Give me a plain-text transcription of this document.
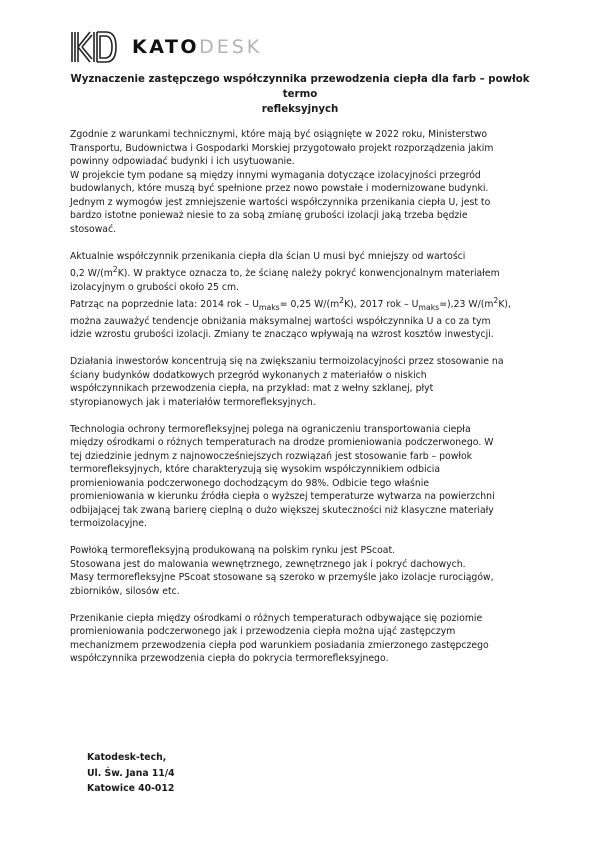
KATODESK
Wyznaczenie zastępczego współczynnika przewodzenia ciepła dla farb – powłok termo
refleksyjnych

Zgodnie z warunkami technicznymi, które mają być osiągnięte w 2022 roku, Ministerstwo
Transportu, Budownictwa i Gospodarki Morskiej przygotowało projekt rozporządzenia jakim
powinny odpowiadać budynki i ich usytuowanie.
W projekcie tym podane są między innymi wymagania dotyczące izolacyjności przegród
budowlanych, które muszą być spełnione przez nowo powstałe i modernizowane budynki.
Jednym z wymogów jest zmniejszenie wartości współczynnika przenikania ciepła U, jest to
bardzo istotne ponieważ niesie to za sobą zmianę grubości izolacji jaką trzeba będzie
stosować.

Aktualnie współczynnik przenikania ciepła dla ścian U musi być mniejszy od wartości
0,2 $W/(m^2K)$. W praktyce oznacza to, że ścianę należy pokryć konwencjonalnym materiałem
izolacyjnym o grubości około 25 cm.
Patrząc na poprzednie lata: 2014 rok – $U_{maks}= 0,25$ $W/(m^2K)$, 2017 rok – $U_{maks}=),23$ $W/(m^2K)$,
można zauważyć tendencje obniżania maksymalnej wartości współczynnika U a co za tym
idzie wzrostu grubości izolacji. Zmiany te znacząco wpływają na wzrost kosztów inwestycji.

Działania inwestorów koncentrują się na zwiększaniu termoizolacyjności przez stosowanie na
ściany budynków dodatkowych przegród wykonanych z materiałów o niskich
współczynnikach przewodzenia ciepła, na przykład: mat z wełny szklanej, płyt
styropianowych jak i materiałów termorefleksyjnych.

Technologia ochrony termorefleksyjnej polega na ograniczeniu transportowania ciepła
między ośrodkami o różnych temperaturach na drodze promieniowania podczerwonego. W
tej dziedzinie jednym z najnowocześniejszych rozwiązań jest stosowanie farb – powłok
termorefleksyjnych, które charakteryzują się wysokim współczynnikiem odbicia
promieniowania podczerwonego dochodzącym do 98%. Odbicie tego właśnie
promieniowania w kierunku źródła ciepła o wyższej temperaturze wytwarza na powierzchni
odbijającej tak zwaną barierę cieplną o dużo większej skuteczności niż klasyczne materiały
termoizolacyjne.

Powłoką termorefleksyjną produkowaną na polskim rynku jest PScoat.
Stosowana jest do malowania wewnętrznego, zewnętrznego jak i pokryć dachowych.
Masy termorefleksyjne PScoat stosowane są szeroko w przemyśle jako izolacje rurociągów,
zbiorników, silosów etc.

Przenikanie ciepła między ośrodkami o różnych temperaturach odbywające się poziomie
promieniowania podczerwonego jak i przewodzenia ciepła można ująć zastępczym
mechanizmem przewodzenia ciepła pod warunkiem posiadania zmierzonego zastępczego
współczynnika przewodzenia ciepła do pokrycia termorefleksyjnego.

Katodesk-tech,
Ul. Św. Jana 11/4
Katowice 40-012
